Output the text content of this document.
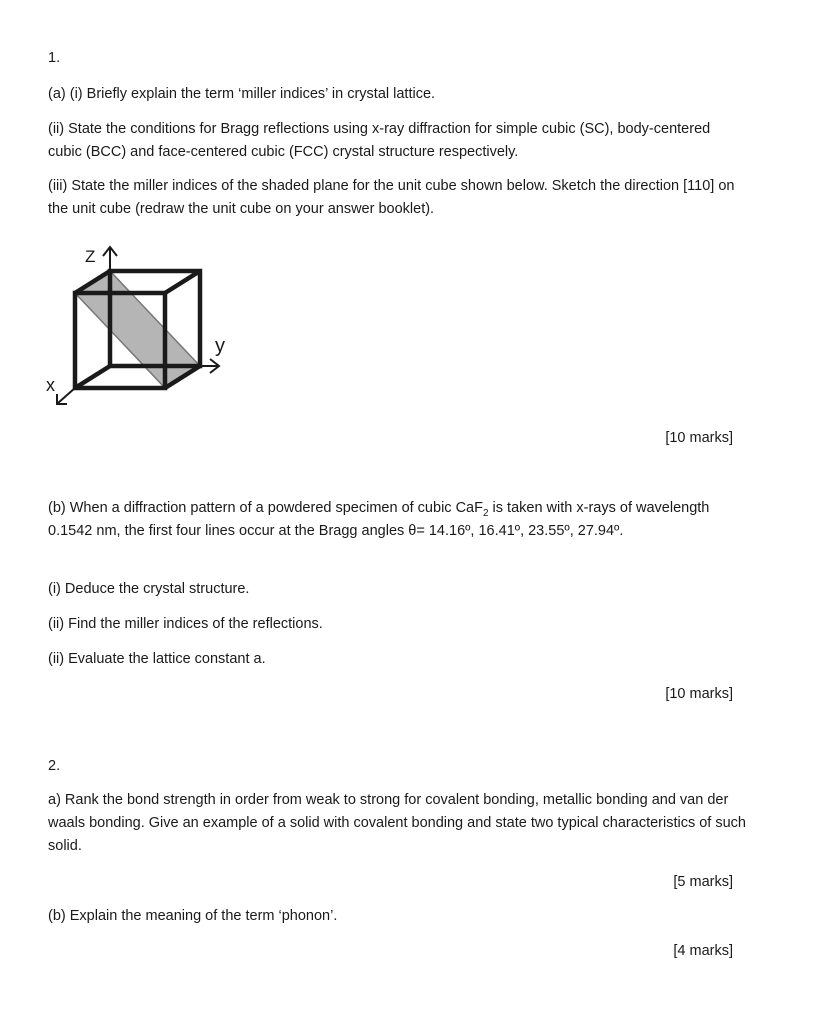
1.

(a) (i) Briefly explain the term ‘miller indices’ in crystal lattice.

(ii) State the conditions for Bragg reflections using x-ray diffraction for simple cubic (SC), body-centered cubic (BCC) and face-centered cubic (FCC) crystal structure respectively.

(iii) State the miller indices of the shaded plane for the unit cube shown below. Sketch the direction [110] on the unit cube (redraw the unit cube on your answer booklet).

Z
y
x

[10 marks]

(b) When a diffraction pattern of a powdered specimen of cubic CaF$_2$ is taken with x-rays of wavelength 0.1542 nm, the first four lines occur at the Bragg angles θ= 14.16º, 16.41º, 23.55º, 27.94º.

(i) Deduce the crystal structure.

(ii) Find the miller indices of the reflections.

(ii) Evaluate the lattice constant a.

[10 marks]

2.

a) Rank the bond strength in order from weak to strong for covalent bonding, metallic bonding and van der waals bonding. Give an example of a solid with covalent bonding and state two typical characteristics of such solid.

[5 marks]

(b) Explain the meaning of the term ‘phonon’.

[4 marks]
